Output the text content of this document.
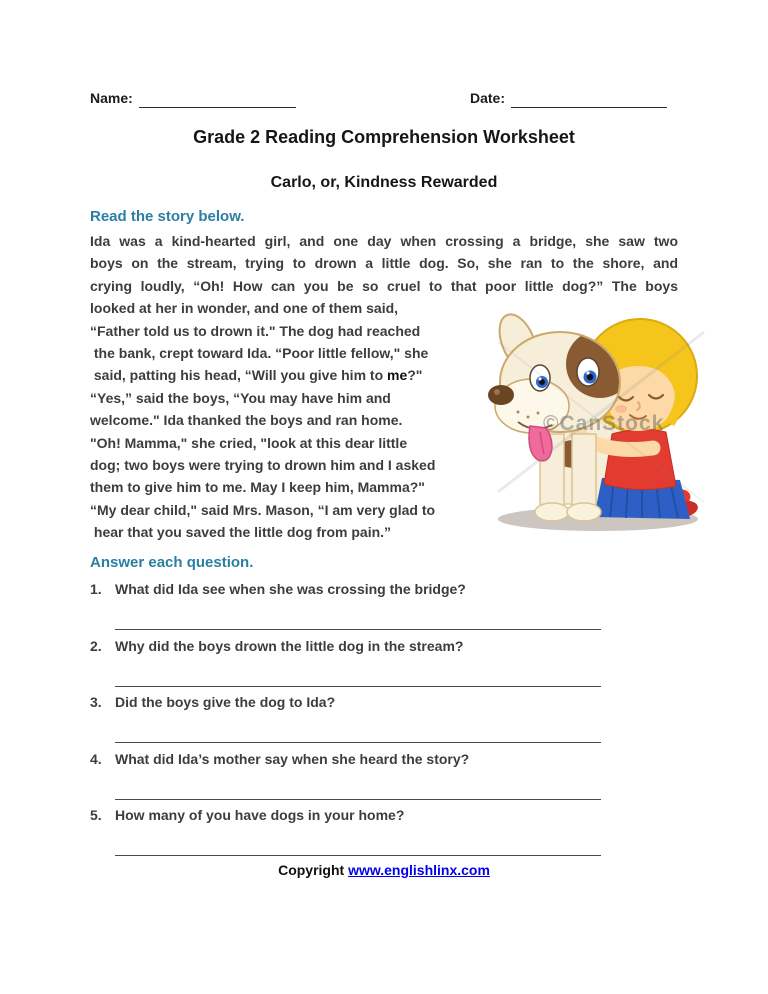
Name:	Date:
Grade 2 Reading Comprehension Worksheet
Carlo, or, Kindness Rewarded
Read the story below.
Ida was a kind-hearted girl, and one day when crossing a bridge, she saw two
boys on the stream, trying to drown a little dog. So, she ran to the shore, and
crying loudly, “Oh! How can you be so cruel to that poor little dog?” The boys
looked at her in wonder, and one of them said,
“Father told us to drown it." The dog had reached
the bank, crept toward Ida. “Poor little fellow," she
said, patting his head, “Will you give him to me?"
“Yes,” said the boys, “You may have him and
welcome." Ida thanked the boys and ran home.
"Oh! Mamma," she cried, "look at this dear little
dog; two boys were trying to drown him and I asked
them to give him to me. May I keep him, Mamma?"
“My dear child," said Mrs. Mason, “I am very glad to
hear that you saved the little dog from pain.”
©CanStock
Answer each question.
1. What did Ida see when she was crossing the bridge?
2. Why did the boys drown the little dog in the stream?
3. Did the boys give the dog to Ida?
4. What did Ida’s mother say when she heard the story?
5. How many of you have dogs in your home?
Copyright www.englishlinx.com
